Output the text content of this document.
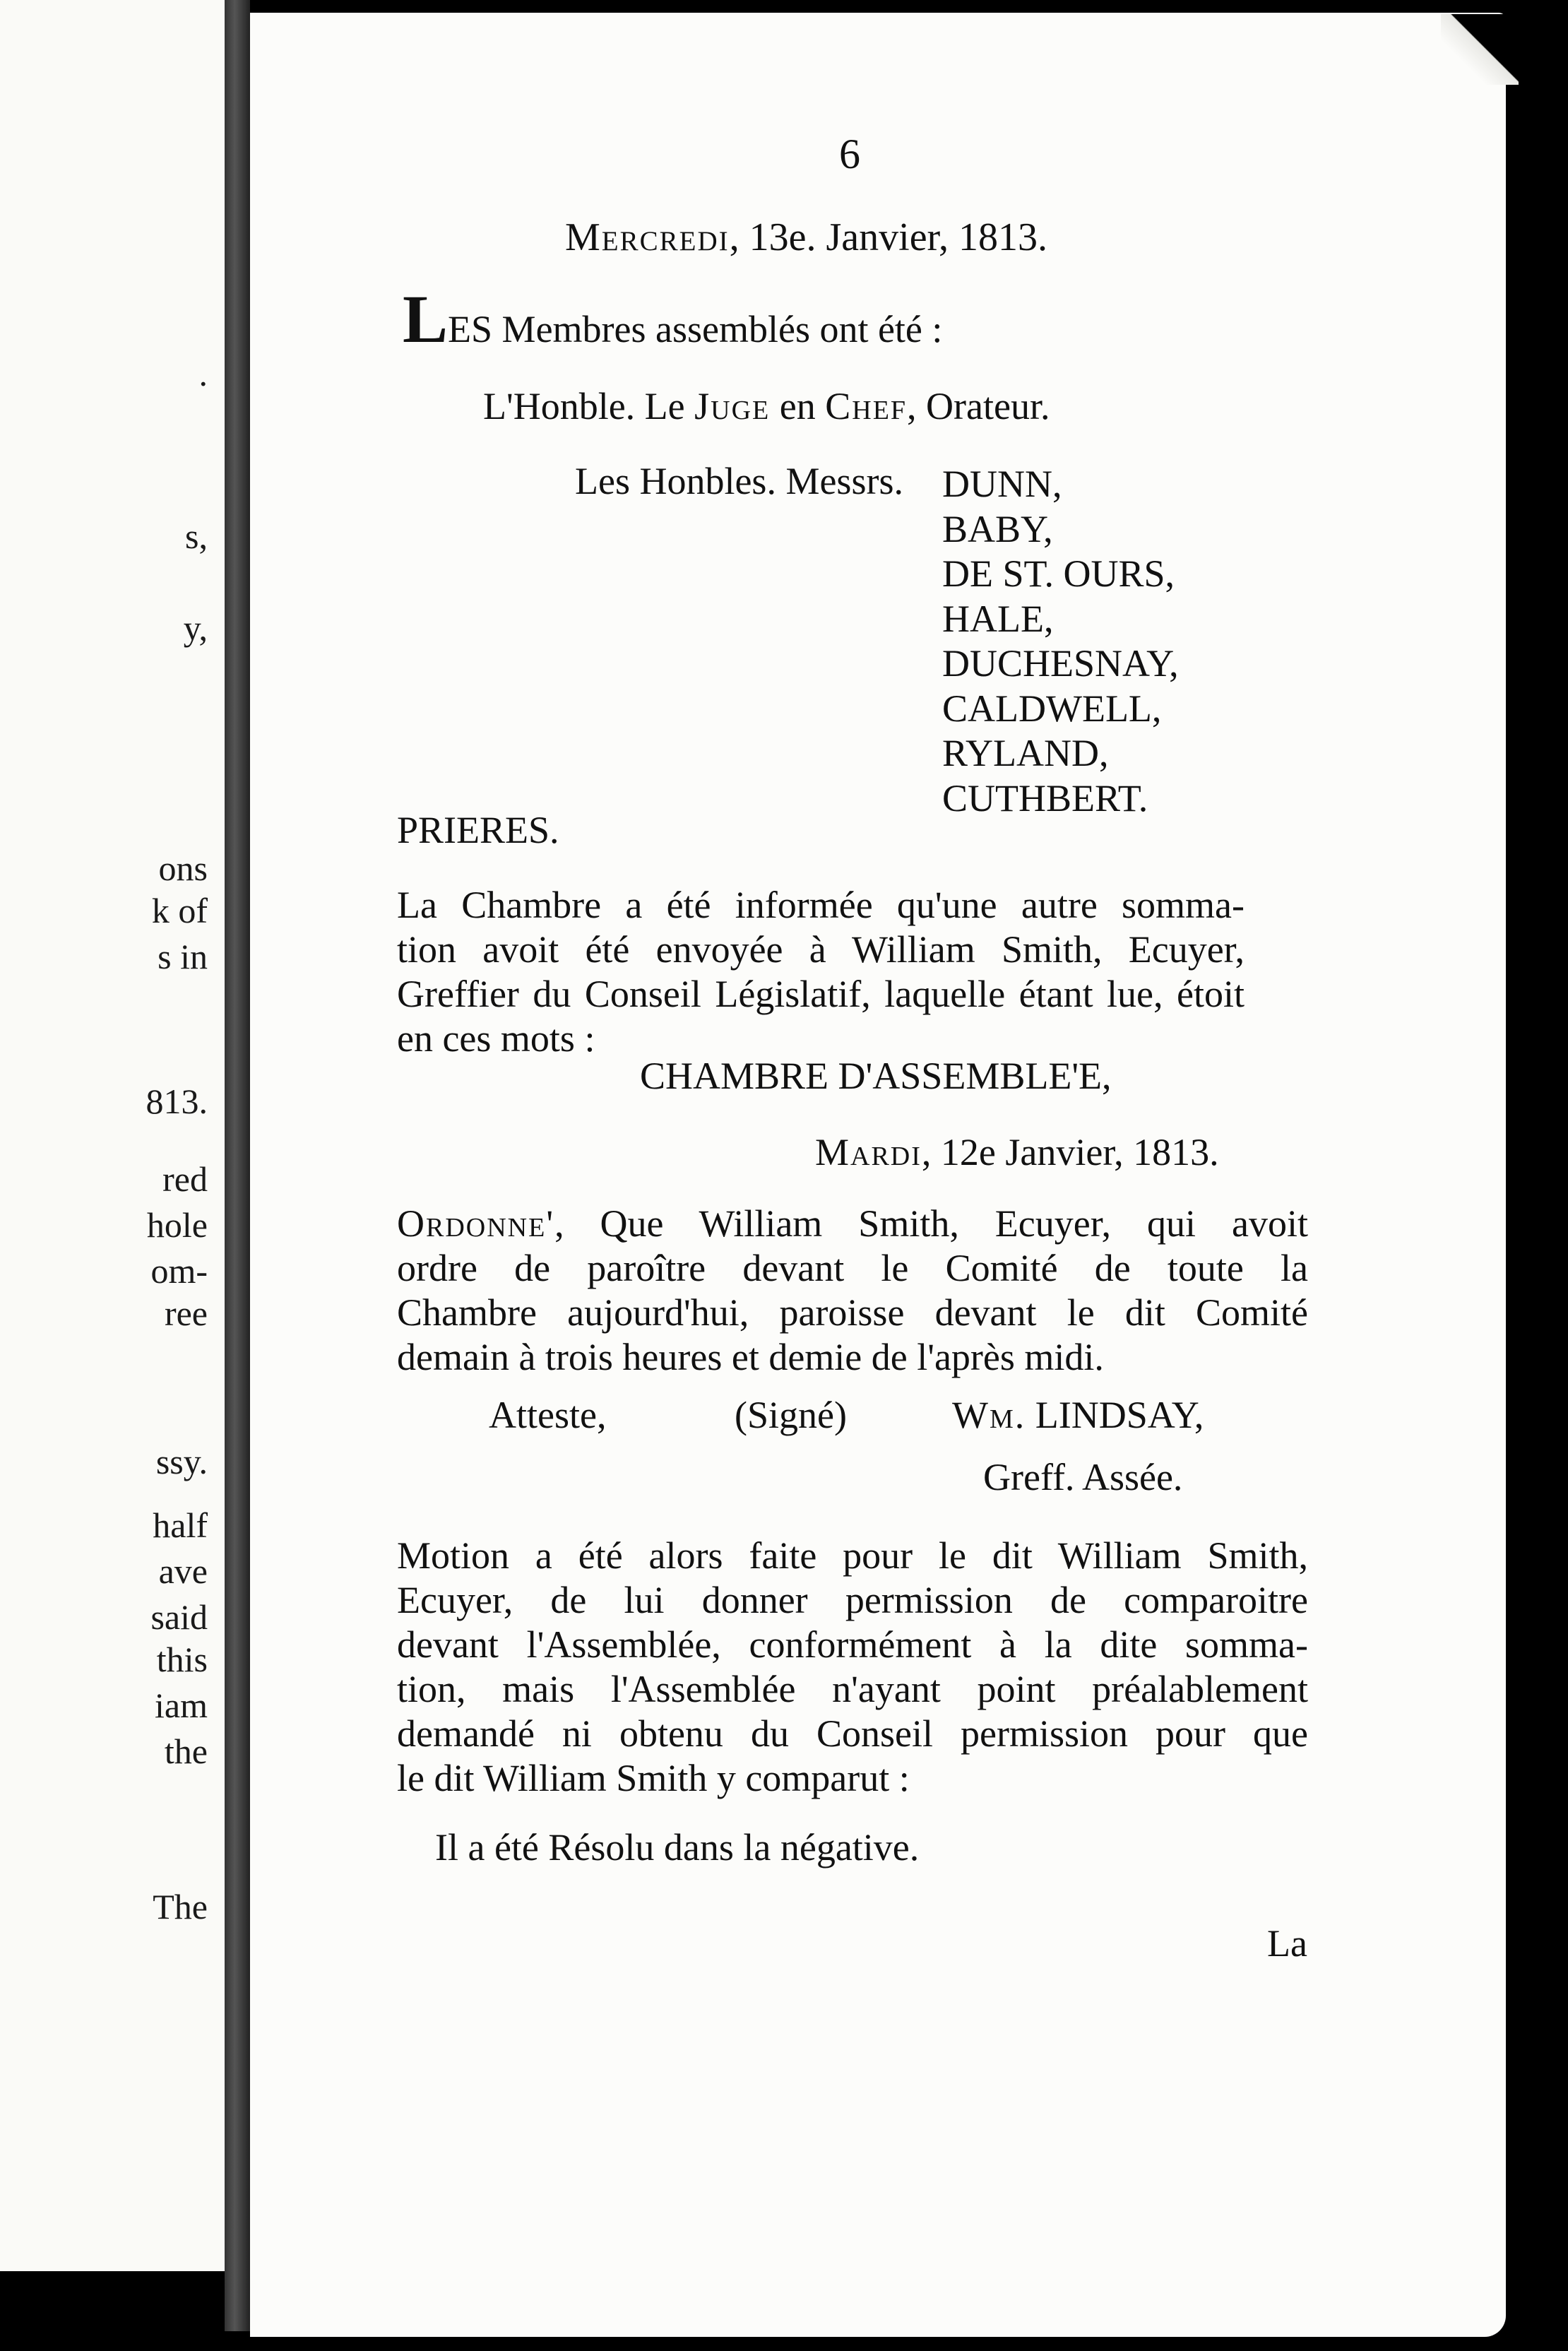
.
s,
y,
ons
k of
s in
813.
red
hole
om-
ree
ssy.
half
ave
said
this
iam
the
The
6
Mercredi, 13e. Janvier, 1813.
LES Membres assemblés ont été :
L'Honble. Le Juge en Chef, Orateur.
Les Honbles. Messrs. DUNN,
BABY,
DE ST. OURS,
HALE,
DUCHESNAY,
CALDWELL,
RYLAND,
CUTHBERT.
PRIERES.
La Chambre a été informée qu'une autre somma-
tion avoit été envoyée à William Smith, Ecuyer,
Greffier du Conseil Législatif, laquelle étant lue, étoit
en ces mots :
CHAMBRE D'ASSEMBLE'E,
Mardi, 12e Janvier, 1813.
Ordonne', Que William Smith, Ecuyer, qui avoit
ordre de paroître devant le Comité de toute la
Chambre aujourd'hui, paroisse devant le dit Comité
demain à trois heures et demie de l'après midi.
Atteste,	(Signé)	Wm. LINDSAY,
Greff. Assée.
Motion a été alors faite pour le dit William Smith,
Ecuyer, de lui donner permission de comparoitre
devant l'Assemblée, conformément à la dite somma-
tion, mais l'Assemblée n'ayant point préalablement
demandé ni obtenu du Conseil permission pour que
le dit William Smith y comparut :
Il a été Résolu dans la négative.
La
